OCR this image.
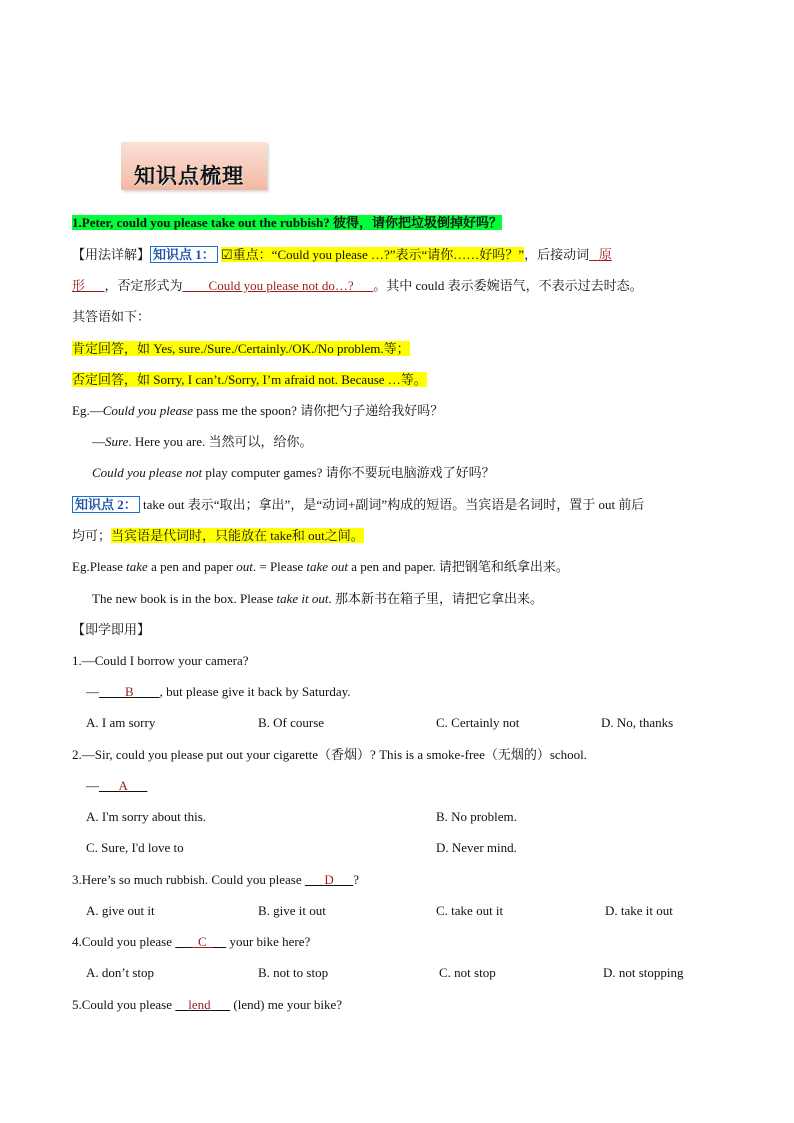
知识点梳理
1.Peter, could you please take out the rubbish? 彼得，请你把垃圾倒掉好吗？
【用法详解】 知识点 1： ☑重点：“Could you please …?”表示“请你……好吗？”，后接动词 原
形 ，否定形式为 Could you please not do…? 。其中 could 表示委婉语气，不表示过去时态。
其答语如下：
肯定回答，如 Yes, sure./Sure./Certainly./OK./No problem.等；
否定回答，如 Sorry, I can’t./Sorry, I’m afraid not. Because …等。
Eg.—Could you please pass me the spoon? 请你把勺子递给我好吗？
—Sure. Here you are. 当然可以，给你。
Could you please not play computer games? 请你不要玩电脑游戏了好吗？
知识点 2： take out 表示“取出；拿出”，是“动词+副词”构成的短语。当宾语是名词时，置于 out 前后
均可；当宾语是代词时，只能放在 take和 out之间。
Eg.Please take a pen and paper out. = Please take out a pen and paper. 请把钢笔和纸拿出来。
The new book is in the box. Please take it out. 那本新书在箱子里，请把它拿出来。
【即学即用】
1.—Could I borrow your camera?
— B , but please give it back by Saturday.
A. I am sorry	B. Of course	C. Certainly not	D. No, thanks
2.—Sir, could you please put out your cigarette（香烟）? This is a smoke-free（无烟的）school.
— A
A. I'm sorry about this.	B. No problem.
C. Sure, I'd love to	D. Never mind.
3.Here’s so much rubbish. Could you please       D ?
A. give out it	B. give it out	C. take out it	D. take it out
4.Could you please      _C_     your bike here?
A. don’t stop	B. not to stop	C. not stop	D. not stopping
5.Could you please     lend       (lend) me your bike?
